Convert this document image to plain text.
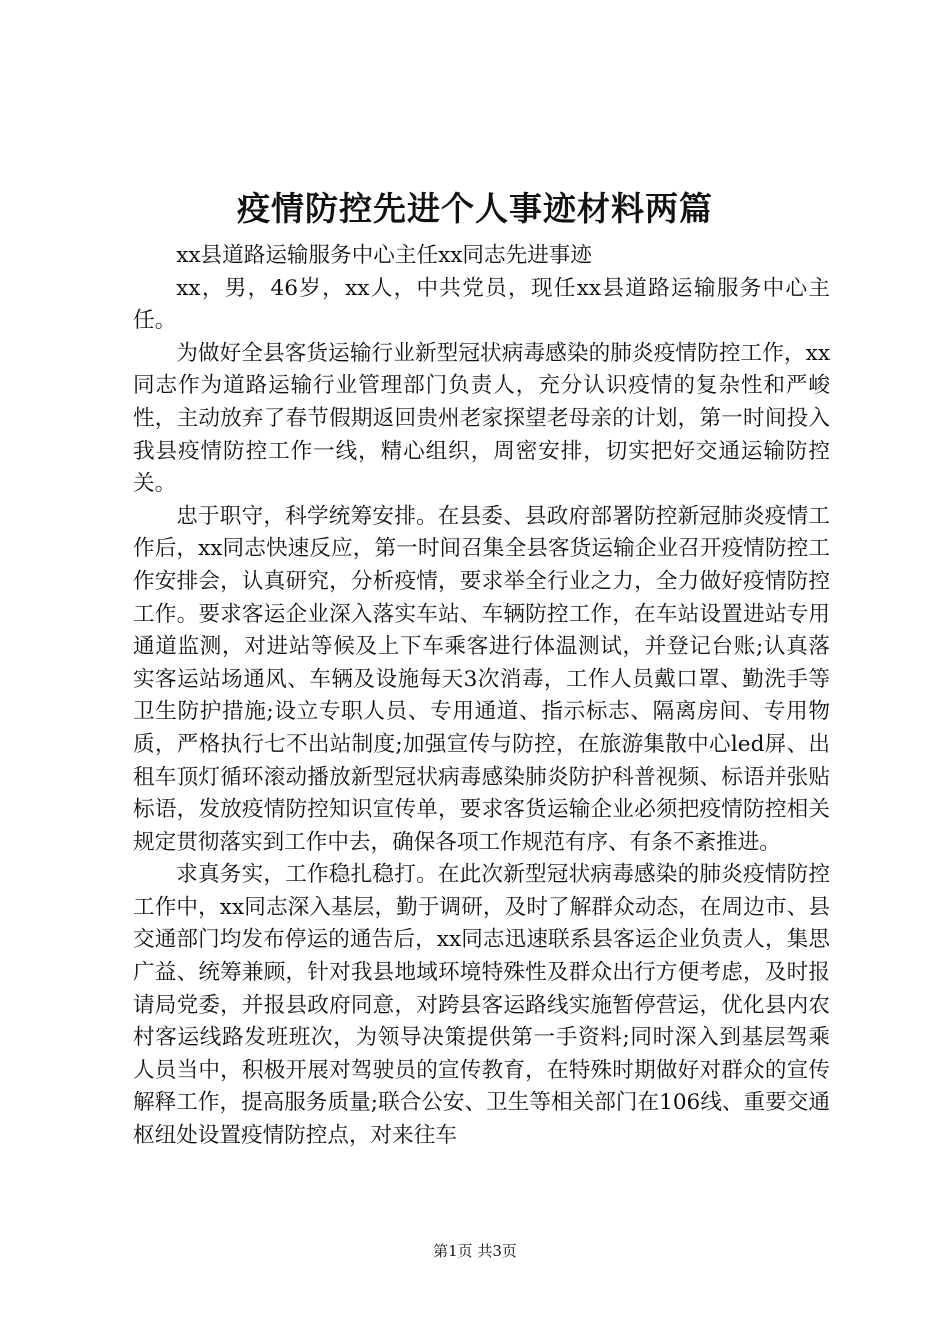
疫情防控先进个人事迹材料两篇

xx县道路运输服务中心主任xx同志先进事迹

xx，男，46岁，xx人，中共党员，现任xx县道路运输服务中心主任。

为做好全县客货运输行业新型冠状病毒感染的肺炎疫情防控工作，xx同志作为道路运输行业管理部门负责人，充分认识疫情的复杂性和严峻性，主动放弃了春节假期返回贵州老家探望老母亲的计划，第一时间投入我县疫情防控工作一线，精心组织，周密安排，切实把好交通运输防控关。

忠于职守，科学统筹安排。在县委、县政府部署防控新冠肺炎疫情工作后，xx同志快速反应，第一时间召集全县客货运输企业召开疫情防控工作安排会，认真研究，分析疫情，要求举全行业之力，全力做好疫情防控工作。要求客运企业深入落实车站、车辆防控工作，在车站设置进站专用通道监测，对进站等候及上下车乘客进行体温测试，并登记台账;认真落实客运站场通风、车辆及设施每天3次消毒，工作人员戴口罩、勤洗手等卫生防护措施;设立专职人员、专用通道、指示标志、隔离房间、专用物质，严格执行七不出站制度;加强宣传与防控，在旅游集散中心led屏、出租车顶灯循环滚动播放新型冠状病毒感染肺炎防护科普视频、标语并张贴标语，发放疫情防控知识宣传单，要求客货运输企业必须把疫情防控相关规定贯彻落实到工作中去，确保各项工作规范有序、有条不紊推进。

求真务实，工作稳扎稳打。在此次新型冠状病毒感染的肺炎疫情防控工作中，xx同志深入基层，勤于调研，及时了解群众动态，在周边市、县交通部门均发布停运的通告后，xx同志迅速联系县客运企业负责人，集思广益、统筹兼顾，针对我县地域环境特殊性及群众出行方便考虑，及时报请局党委，并报县政府同意，对跨县客运路线实施暂停营运，优化县内农村客运线路发班班次，为领导决策提供第一手资料;同时深入到基层驾乘人员当中，积极开展对驾驶员的宣传教育，在特殊时期做好对群众的宣传解释工作，提高服务质量;联合公安、卫生等相关部门在106线、重要交通枢纽处设置疫情防控点，对来往车

第1页 共3页
